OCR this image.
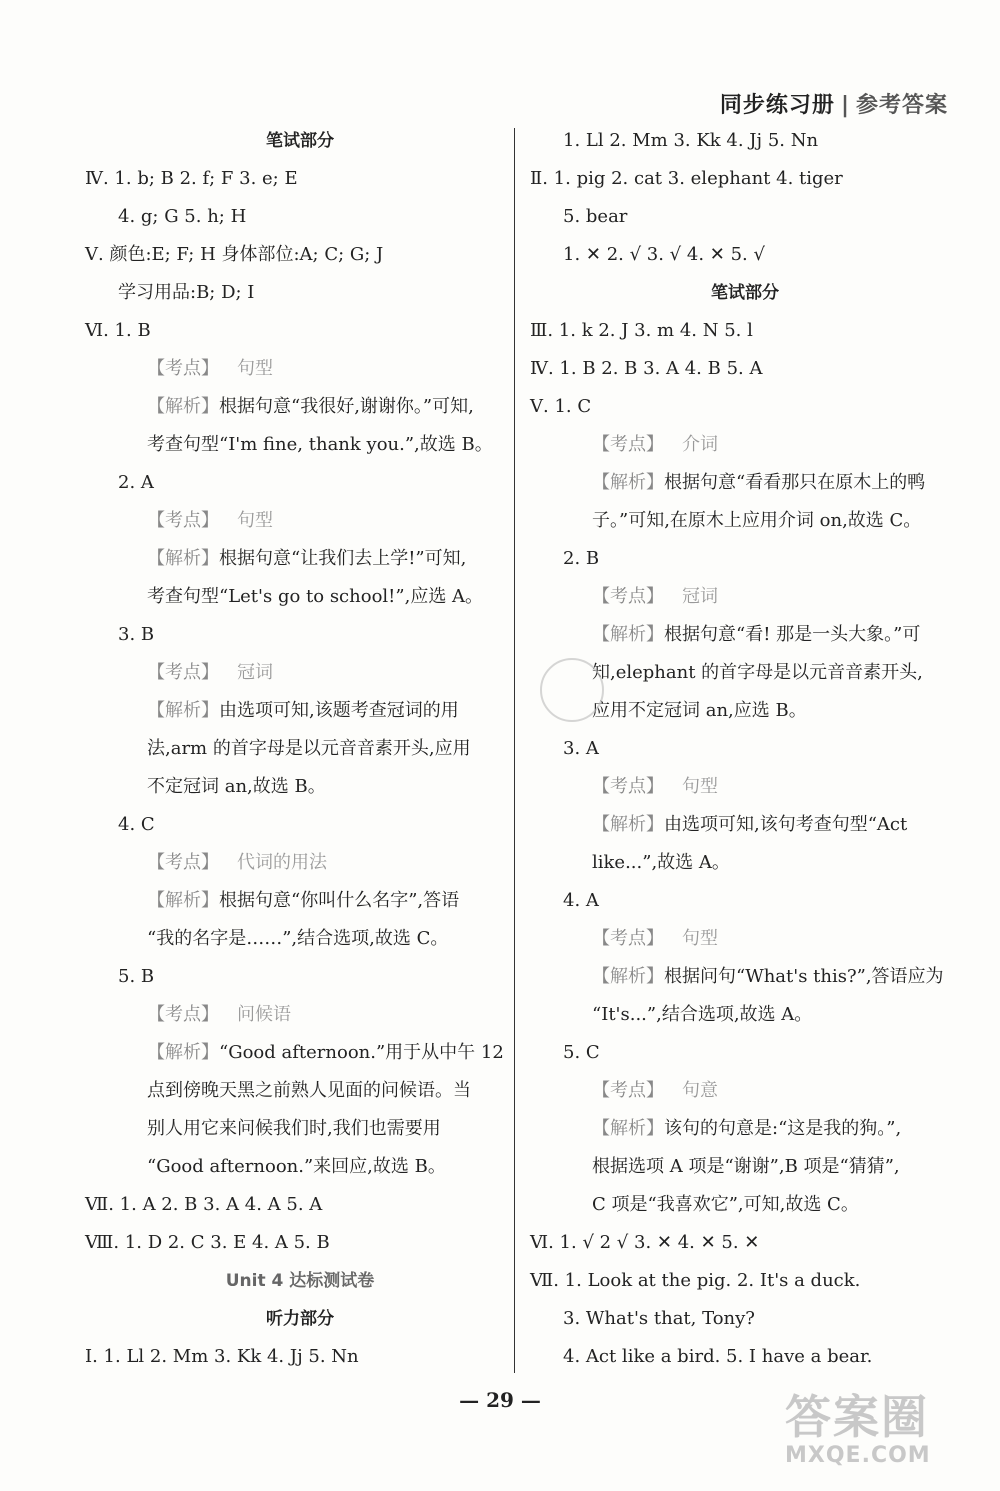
同步练习册 | 参考答案
笔试部分
Ⅳ. 1. b; B 2. f; F 3. e; E
4. g; G 5. h; H
Ⅴ. 颜色:E; F; H 身体部位:A; C; G; J
学习用品:B; D; I
Ⅵ. 1. B
【考点】 句型
【解析】根据句意“我很好,谢谢你。”可知,
考查句型“I'm fine, thank you.”,故选 B。
2. A
【考点】 句型
【解析】根据句意“让我们去上学!”可知,
考查句型“Let's go to school!”,应选 A。
3. B
【考点】 冠词
【解析】由选项可知,该题考查冠词的用
法,arm 的首字母是以元音音素开头,应用
不定冠词 an,故选 B。
4. C
【考点】 代词的用法
【解析】根据句意“你叫什么名字”,答语
“我的名字是……”,结合选项,故选 C。
5. B
【考点】 问候语
【解析】“Good afternoon.”用于从中午 12
点到傍晚天黑之前熟人见面的问候语。当
别人用它来问候我们时,我们也需要用
“Good afternoon.”来回应,故选 B。
Ⅶ. 1. A 2. B 3. A 4. A 5. A
Ⅷ. 1. D 2. C 3. E 4. A 5. B
Unit 4 达标测试卷
听力部分
Ⅰ. 1. Ll 2. Mm 3. Kk 4. Jj 5. Nn
1. Ll 2. Mm 3. Kk 4. Jj 5. Nn
Ⅱ. 1. pig 2. cat 3. elephant 4. tiger
5. bear
1. ✕ 2. √ 3. √ 4. ✕ 5. √
笔试部分
Ⅲ. 1. k 2. J 3. m 4. N 5. l
Ⅳ. 1. B 2. B 3. A 4. B 5. A
Ⅴ. 1. C
【考点】 介词
【解析】根据句意“看看那只在原木上的鸭
子。”可知,在原木上应用介词 on,故选 C。
2. B
【考点】 冠词
【解析】根据句意“看! 那是一头大象。”可
知,elephant 的首字母是以元音音素开头,
应用不定冠词 an,应选 B。
3. A
【考点】 句型
【解析】由选项可知,该句考查句型“Act
like...”,故选 A。
4. A
【考点】 句型
【解析】根据问句“What's this?”,答语应为
“It's...”,结合选项,故选 A。
5. C
【考点】 句意
【解析】该句的句意是:“这是我的狗。”,
根据选项 A 项是“谢谢”,B 项是“猜猜”,
C 项是“我喜欢它”,可知,故选 C。
Ⅵ. 1. √ 2 √ 3. ✕ 4. ✕ 5. ✕
Ⅶ. 1. Look at the pig. 2. It's a duck.
3. What's that, Tony?
4. Act like a bird. 5. I have a bear.
— 29 —	答案圈
MXQE.COM
